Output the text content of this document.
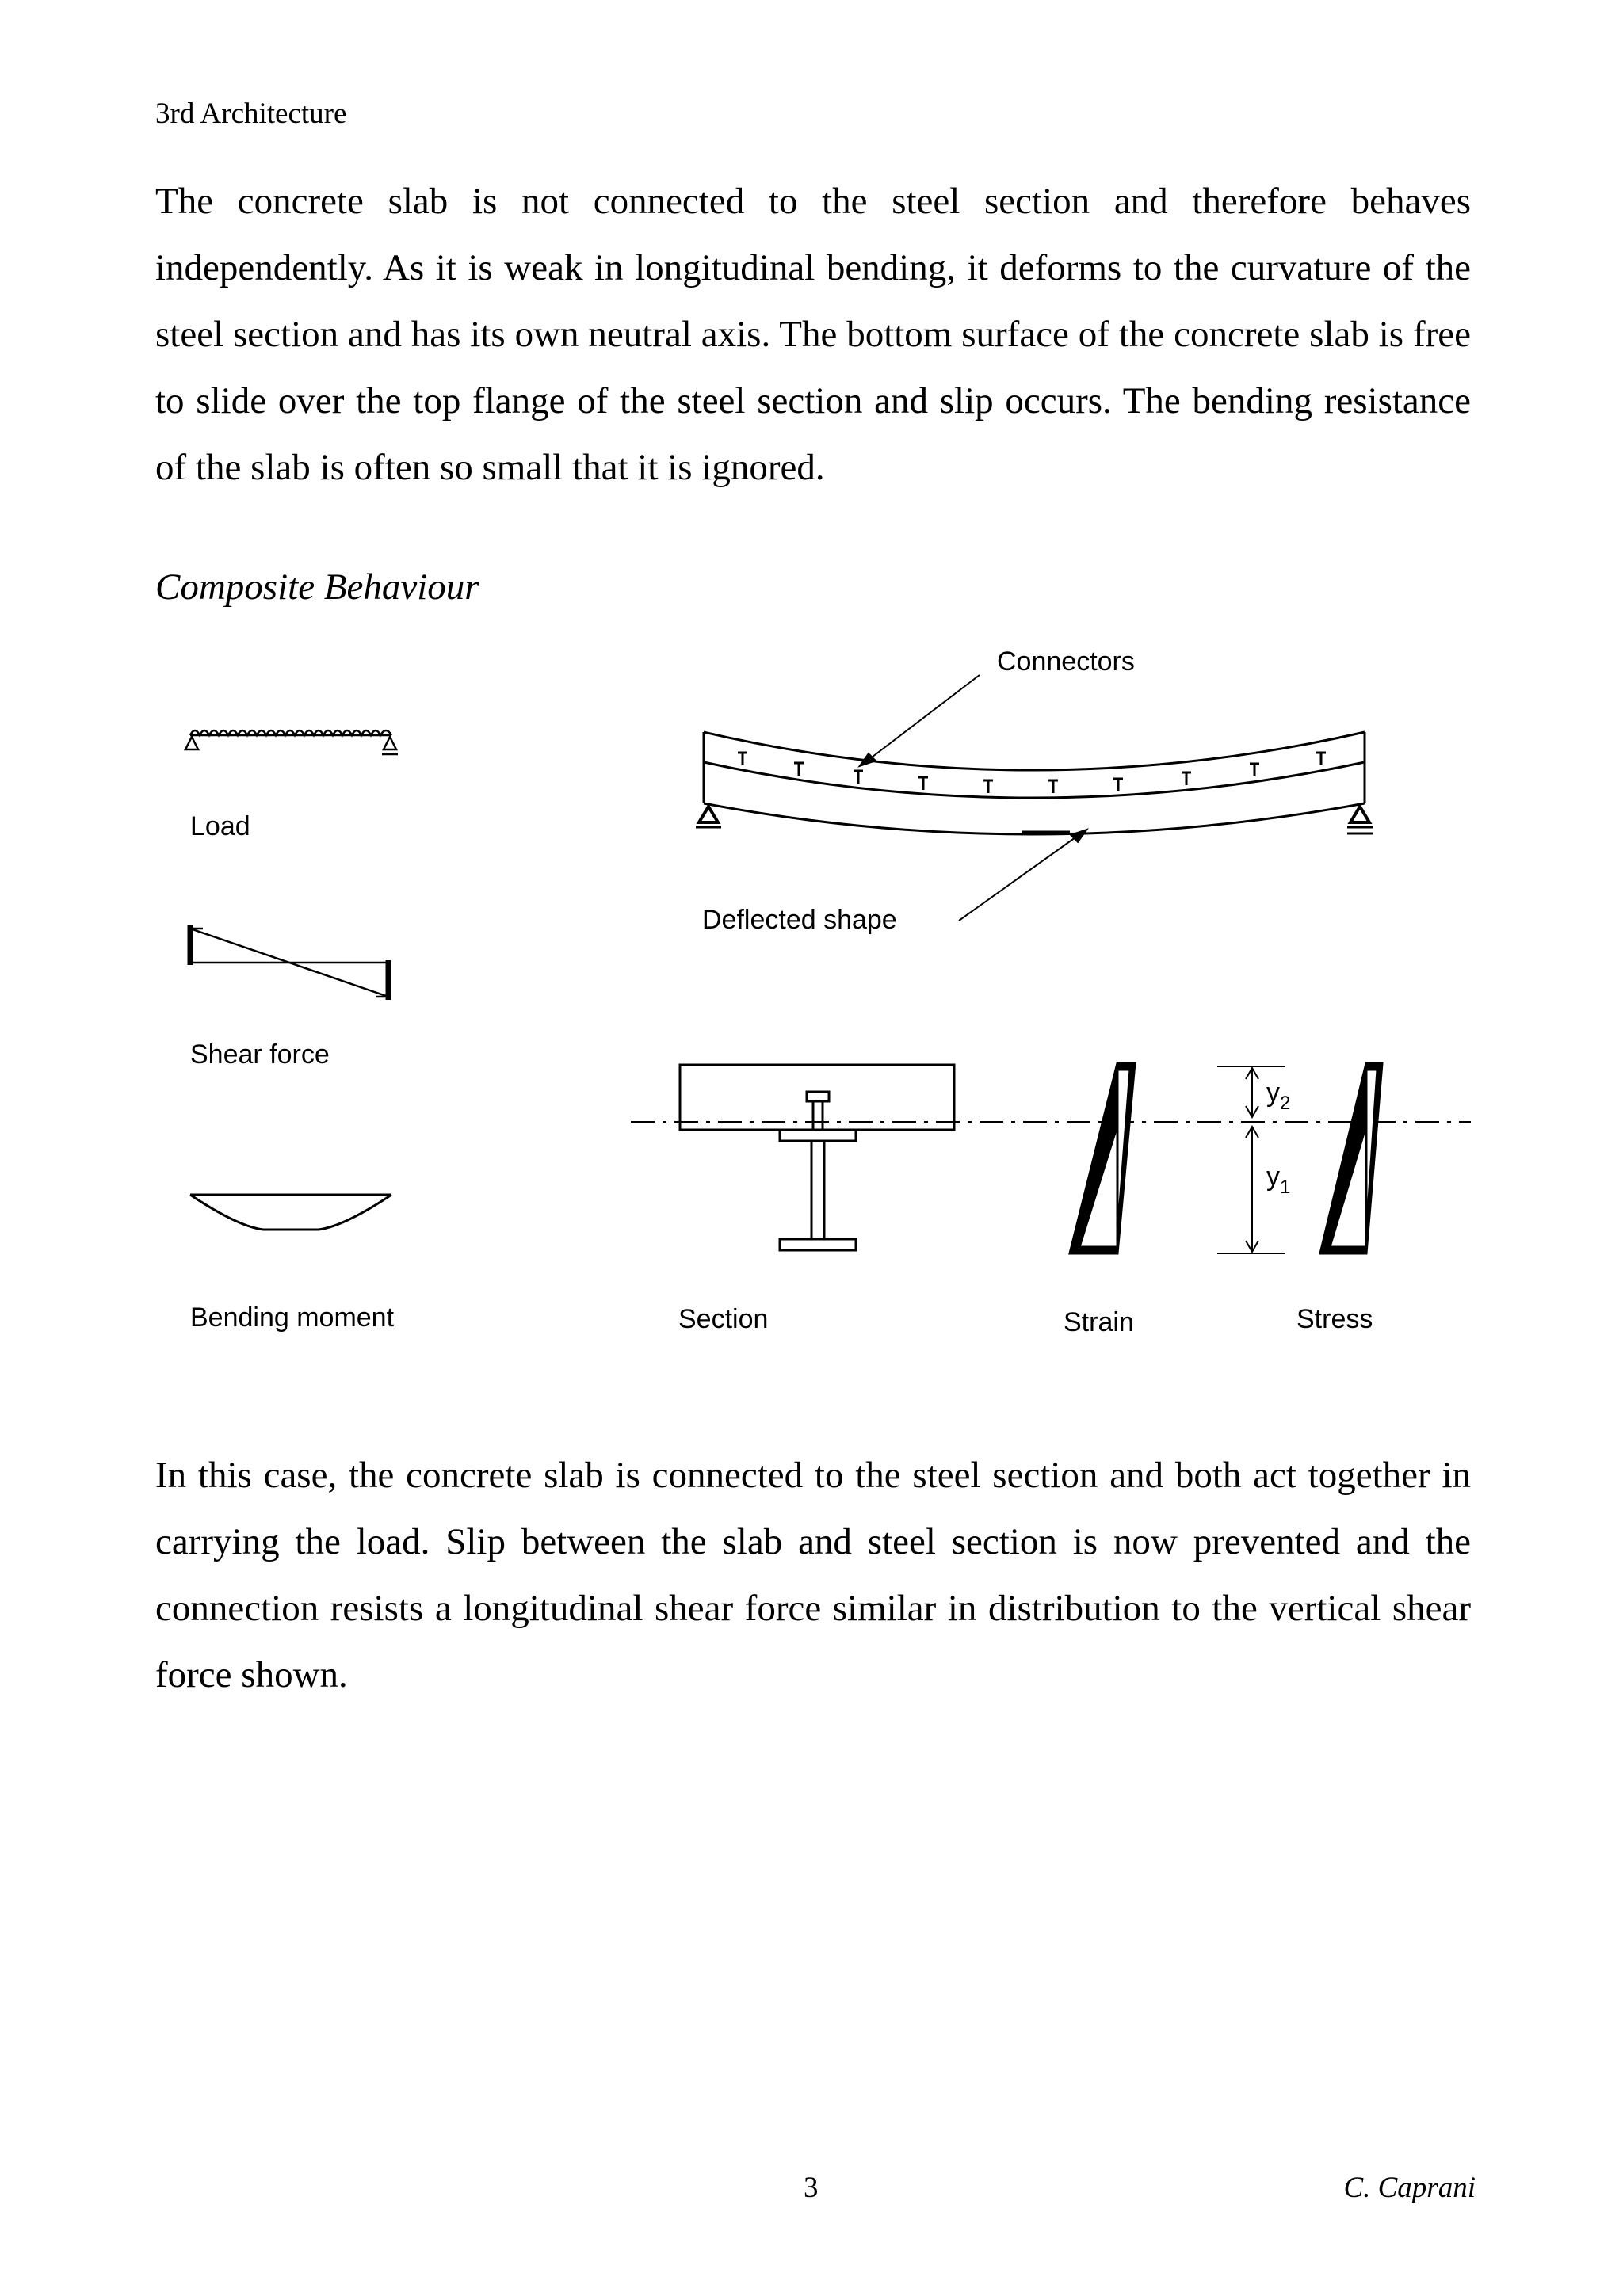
3rd Architecture

The concrete slab is not connected to the steel section and therefore behaves independently. As it is weak in longitudinal bending, it deforms to the curvature of the steel section and has its own neutral axis. The bottom surface of the concrete slab is free to slide over the top flange of the steel section and slip occurs. The bending resistance of the slab is often so small that it is ignored.

Composite Behaviour
Load
Shear force
Bending moment
Connectors
Deflected shape
Section	Strain
$y_2$
$y_1$
Stress

In this case, the concrete slab is connected to the steel section and both act together in carrying the load. Slip between the slab and steel section is now prevented and the connection resists a longitudinal shear force similar in distribution to the vertical shear force shown.

3	C. Caprani
